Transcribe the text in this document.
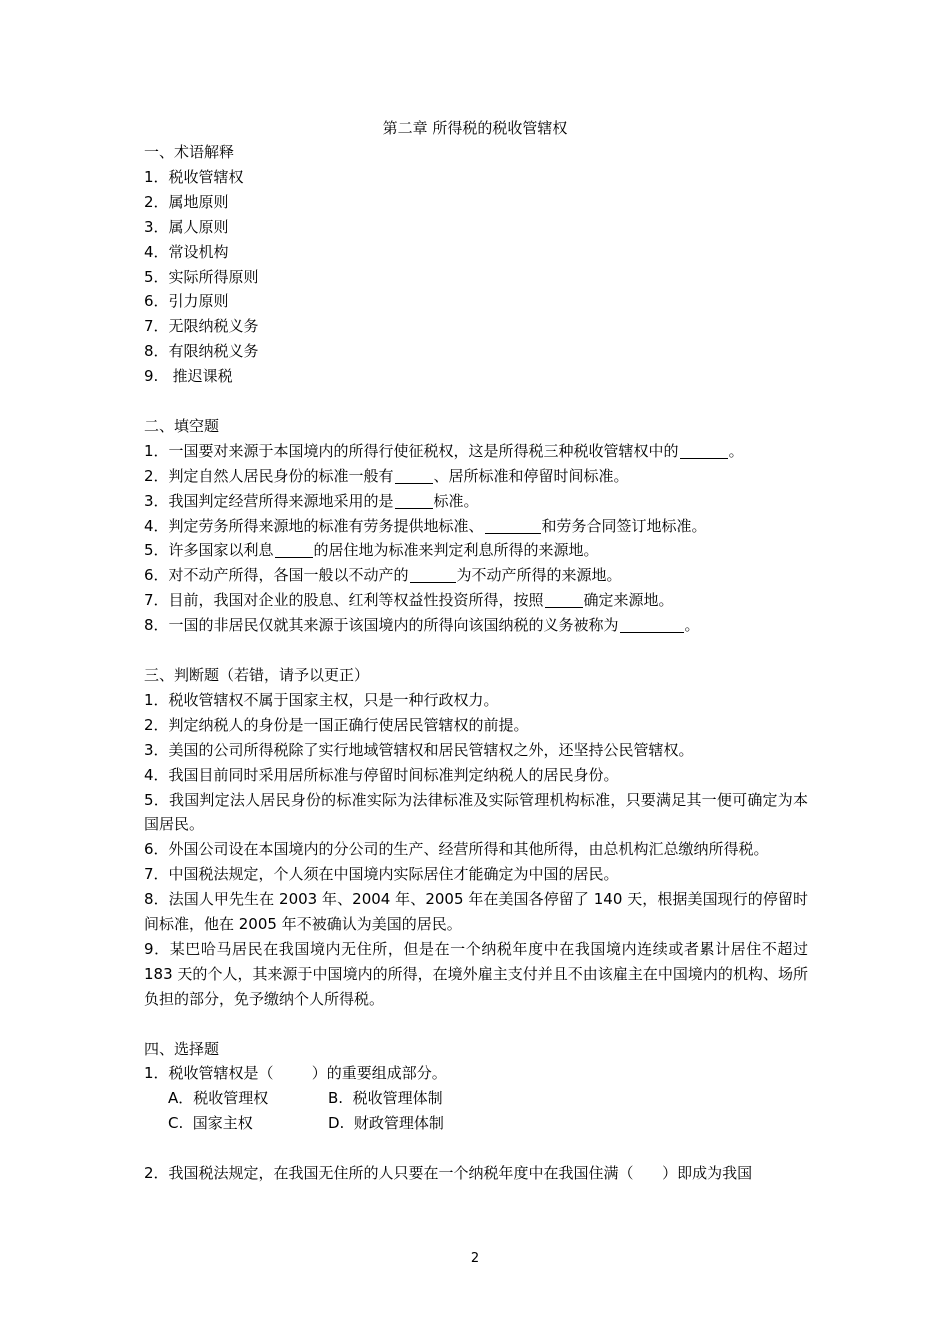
第二章 所得税的税收管辖权
一、术语解释
1．税收管辖权
2．属地原则
3．属人原则
4．常设机构
5．实际所得原则
6．引力原则
7．无限纳税义务
8．有限纳税义务
9.   推迟课税
二、填空题
1．一国要对来源于本国境内的所得行使征税权，这是所得税三种税收管辖权中的	。
2．判定自然人居民身份的标准一般有	、居所标准和停留时间标准。
3．我国判定经营所得来源地采用的是	标准。
4．判定劳务所得来源地的标准有劳务提供地标准、	和劳务合同签订地标准。
5．许多国家以利息	的居住地为标准来判定利息所得的来源地。
6．对不动产所得，各国一般以不动产的	为不动产所得的来源地。
7．目前，我国对企业的股息、红利等权益性投资所得，按照	确定来源地。
8．一国的非居民仅就其来源于该国境内的所得向该国纳税的义务被称为	。
三、判断题（若错，请予以更正）
1．税收管辖权不属于国家主权，只是一种行政权力。
2．判定纳税人的身份是一国正确行使居民管辖权的前提。
3．美国的公司所得税除了实行地域管辖权和居民管辖权之外，还坚持公民管辖权。
4．我国目前同时采用居所标准与停留时间标准判定纳税人的居民身份。
5．我国判定法人居民身份的标准实际为法律标准及实际管理机构标准，只要满足其一便可确定为本国居民。
6．外国公司设在本国境内的分公司的生产、经营所得和其他所得，由总机构汇总缴纳所得税。
7．中国税法规定，个人须在中国境内实际居住才能确定为中国的居民。
8．法国人甲先生在 2003 年、2004 年、2005 年在美国各停留了 140 天，根据美国现行的停留时间标准，他在 2005 年不被确认为美国的居民。
9．某巴哈马居民在我国境内无住所，但是在一个纳税年度中在我国境内连续或者累计居住不超过 183 天的个人，其来源于中国境内的所得，在境外雇主支付并且不由该雇主在中国境内的机构、场所负担的部分，免予缴纳个人所得税。
四、选择题
1．税收管辖权是（        ）的重要组成部分。
A．税收管理权	B.  税收管理体制
C.  国家主权	D.  财政管理体制
2．我国税法规定，在我国无住所的人只要在一个纳税年度中在我国住满（      ）即成为我国
2
